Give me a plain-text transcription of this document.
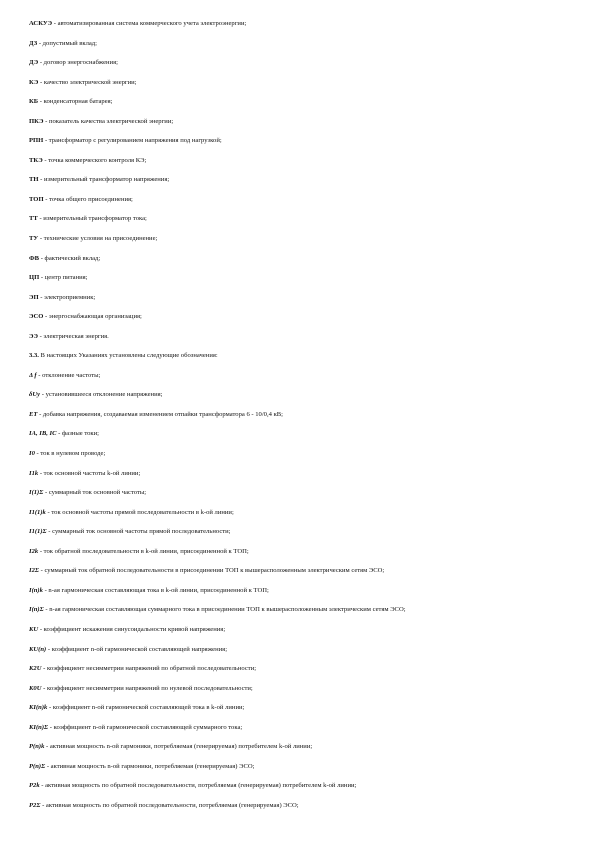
АСКУЭ - автоматизированная система коммерческого учета электроэнергии;
ДЗ - допустимый вклад;
ДЭ - договор энергоснабжения;
КЭ - качество электрической энергии;
КБ - конденсаторная батарея;
ПКЭ - показатель качества электрической энергии;
РПН - трансформатор с регулированием напряжения под нагрузкой;
ТКЭ - точка коммерческого контроля КЭ;
ТН - измерительный трансформатор напряжения;
ТОП - точка общего присоединения;
ТТ - измерительный трансформатор тока;
ТУ - технические условия на присоединение;
ФВ - фактический вклад;
ЦП - центр питания;
ЭП - электроприемник;
ЭСО - энергоснабжающая организация;
ЭЭ - электрическая энергия.
3.3. В настоящих Указаниях установлены следующие обозначения:
Δ f - отклонение частоты;
δUу - установившееся отклонение напряжения;
ET - добавка напряжения, создаваемая изменением отпайки трансформатора 6 - 10/0,4 кВ;
IA, IB, IC - фазные токи;
I0 - ток в нулевом проводе;
I1k - ток основной частоты k-ой линии;
I(1)Σ - суммарный ток основной частоты;
I1(1)k - ток основной частоты прямой последовательности в k-ой линии;
I1(1)Σ - суммарный ток основной частоты прямой последовательности;
I2k - ток обратной последовательности в k-ой линии, присоединенной к ТОП;
I2Σ - суммарный ток обратной последовательности в присоединении ТОП к вышерасположенным электрическим сетям ЭСО;
I(n)k - n-ая гармоническая составляющая тока в k-ой линии, присоединенной к ТОП;
I(n)Σ - n-ая гармоническая составляющая суммарного тока в присоединении ТОП к вышерасположенным электрическим сетям ЭСО;
KU - коэффициент искажения синусоидальности кривой напряжения;
KU(n) - коэффициент n-ой гармонической составляющей напряжения;
K2U - коэффициент несимметрии напряжений по обратной последовательности;
K0U - коэффициент несимметрии напряжений по нулевой последовательности;
KI(n)k - коэффициент n-ой гармонической составляющей тока в k-ой линии;
KI(n)Σ - коэффициент n-ой гармонической составляющей суммарного тока;
P(n)k - активная мощность n-ой гармоники, потребляемая (генерируемая) потребителем k-ой линии;
P(n)Σ - активная мощность n-ой гармоники, потребляемая (генерируемая) ЭСО;
P2k - активная мощность по обратной последовательности, потребляемая (генерируемая) потребителем k-ой линии;
P2Σ - активная мощность по обратной последовательности, потребляемая (генерируемая) ЭСО;
